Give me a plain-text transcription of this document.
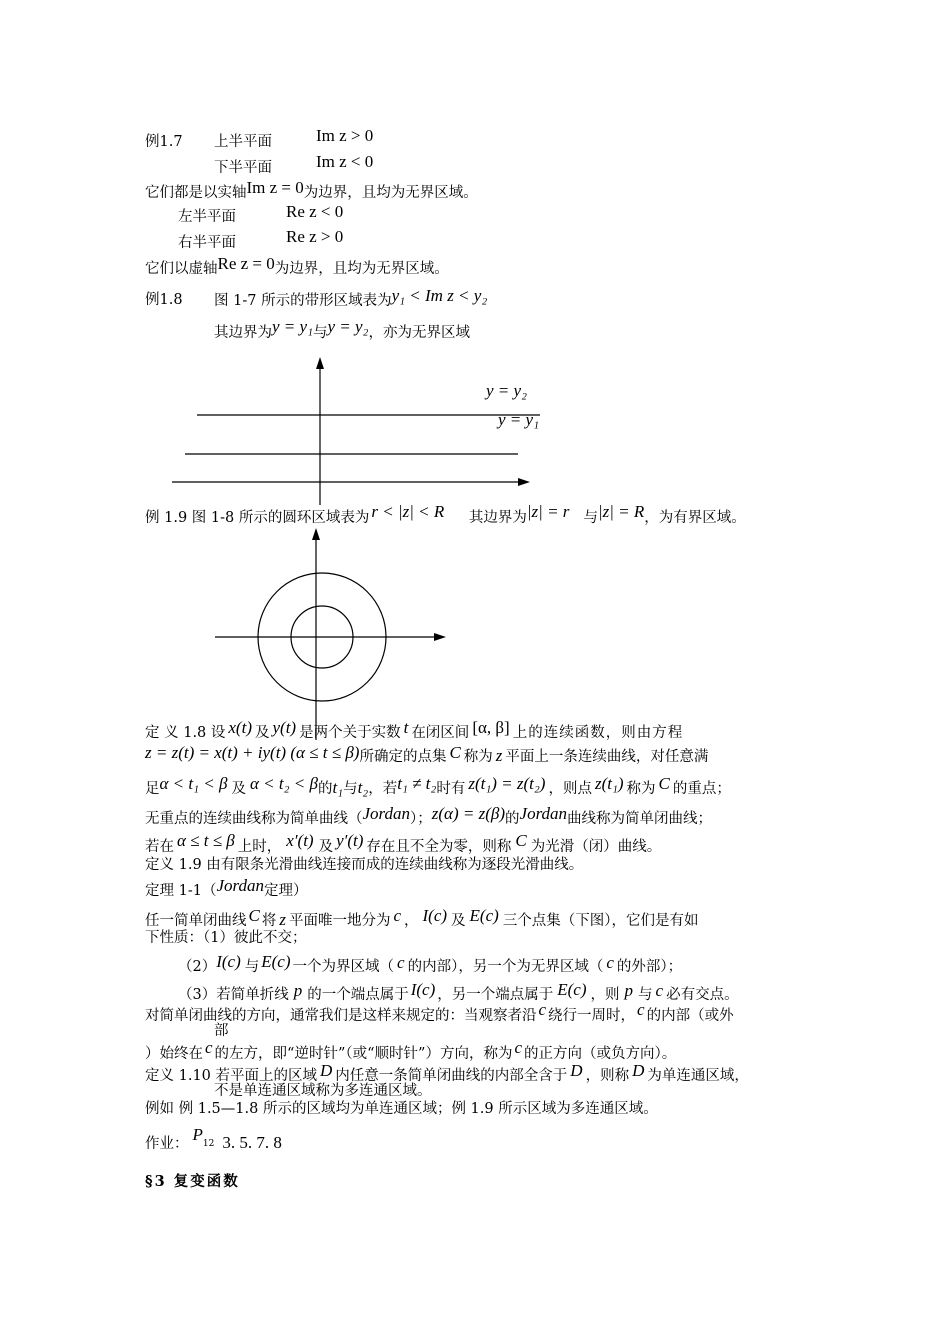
例1.7 上半平面	Im z > 0
下半平面	Im z < 0
它们都是以实轴Im z = 0为边界，且均为无界区域。
左半平面	Re z < 0
右半平面	Re z > 0
它们以虚轴Re z = 0为边界，且均为无界区域。
例1.8 图 1-7 所示的带形区域表为y₁ < Im z < y₂
其边界为y = y₁与y = y₂，亦为无界区域
y = y₂
y = y₁
例 1.9 图 1-8 所示的圆环区域表为 r < |z| < R 其边界为|z| = r 与|z| = R，为有界区域。
定 义 1.8 设 x(t) 及 y(t) 是两个关于实数 t 在闭区间 [α, β] 上的连续函数，则由方程
z = z(t) = x(t) + iy(t) (α ≤ t ≤ β)所确定的点集 C 称为 z 平面上一条连续曲线，对任意满
足α < t₁ < β 及 α < t₂ < β的t₁与t₂，若t₁ ≠ t₂时有 z(t₁) = z(t₂) ，则点 z(t₁) 称为 C 的重点；
无重点的连续曲线称为简单曲线（Jordan）；z(α) = z(β)的Jordan曲线称为简单闭曲线；
若在 α ≤ t ≤ β 上时， x′(t) 及 y′(t) 存在且不全为零，则称 C 为光滑（闭）曲线。
定义 1.9 由有限条光滑曲线连接而成的连续曲线称为逐段光滑曲线。
定理 1-1（Jordan定理）
任一简单闭曲线 C 将 z 平面唯一地分为 c ， I(c) 及 E(c) 三个点集（下图），它们是有如
下性质：（1）彼此不交；
（2）I(c) 与 E(c) 一个为界区域（ c 的内部），另一个为无界区域（ c 的外部）；
（3）若简单折线 p 的一个端点属于 I(c) ，另一个端点属于 E(c) ，则 p 与 c 必有交点。
对简单闭曲线的方向，通常我们是这样来规定的：当观察者沿 c 绕行一周时， c 的内部（或外
部
）始终在 c 的左方，即“逆时针”（或“顺时针”）方向，称为 c 的正方向（或负方向）。
定义 1.10 若平面上的区域 D 内任意一条简单闭曲线的内部全含于 D ，则称 D 为单连通区域，
不是单连通区域称为多连通区域。
例如 例 1.5—1.8 所示的区域均为单连通区域；例 1.9 所示区域为多连通区域。
作业： P12 3. 5. 7. 8
§3 复变函数
